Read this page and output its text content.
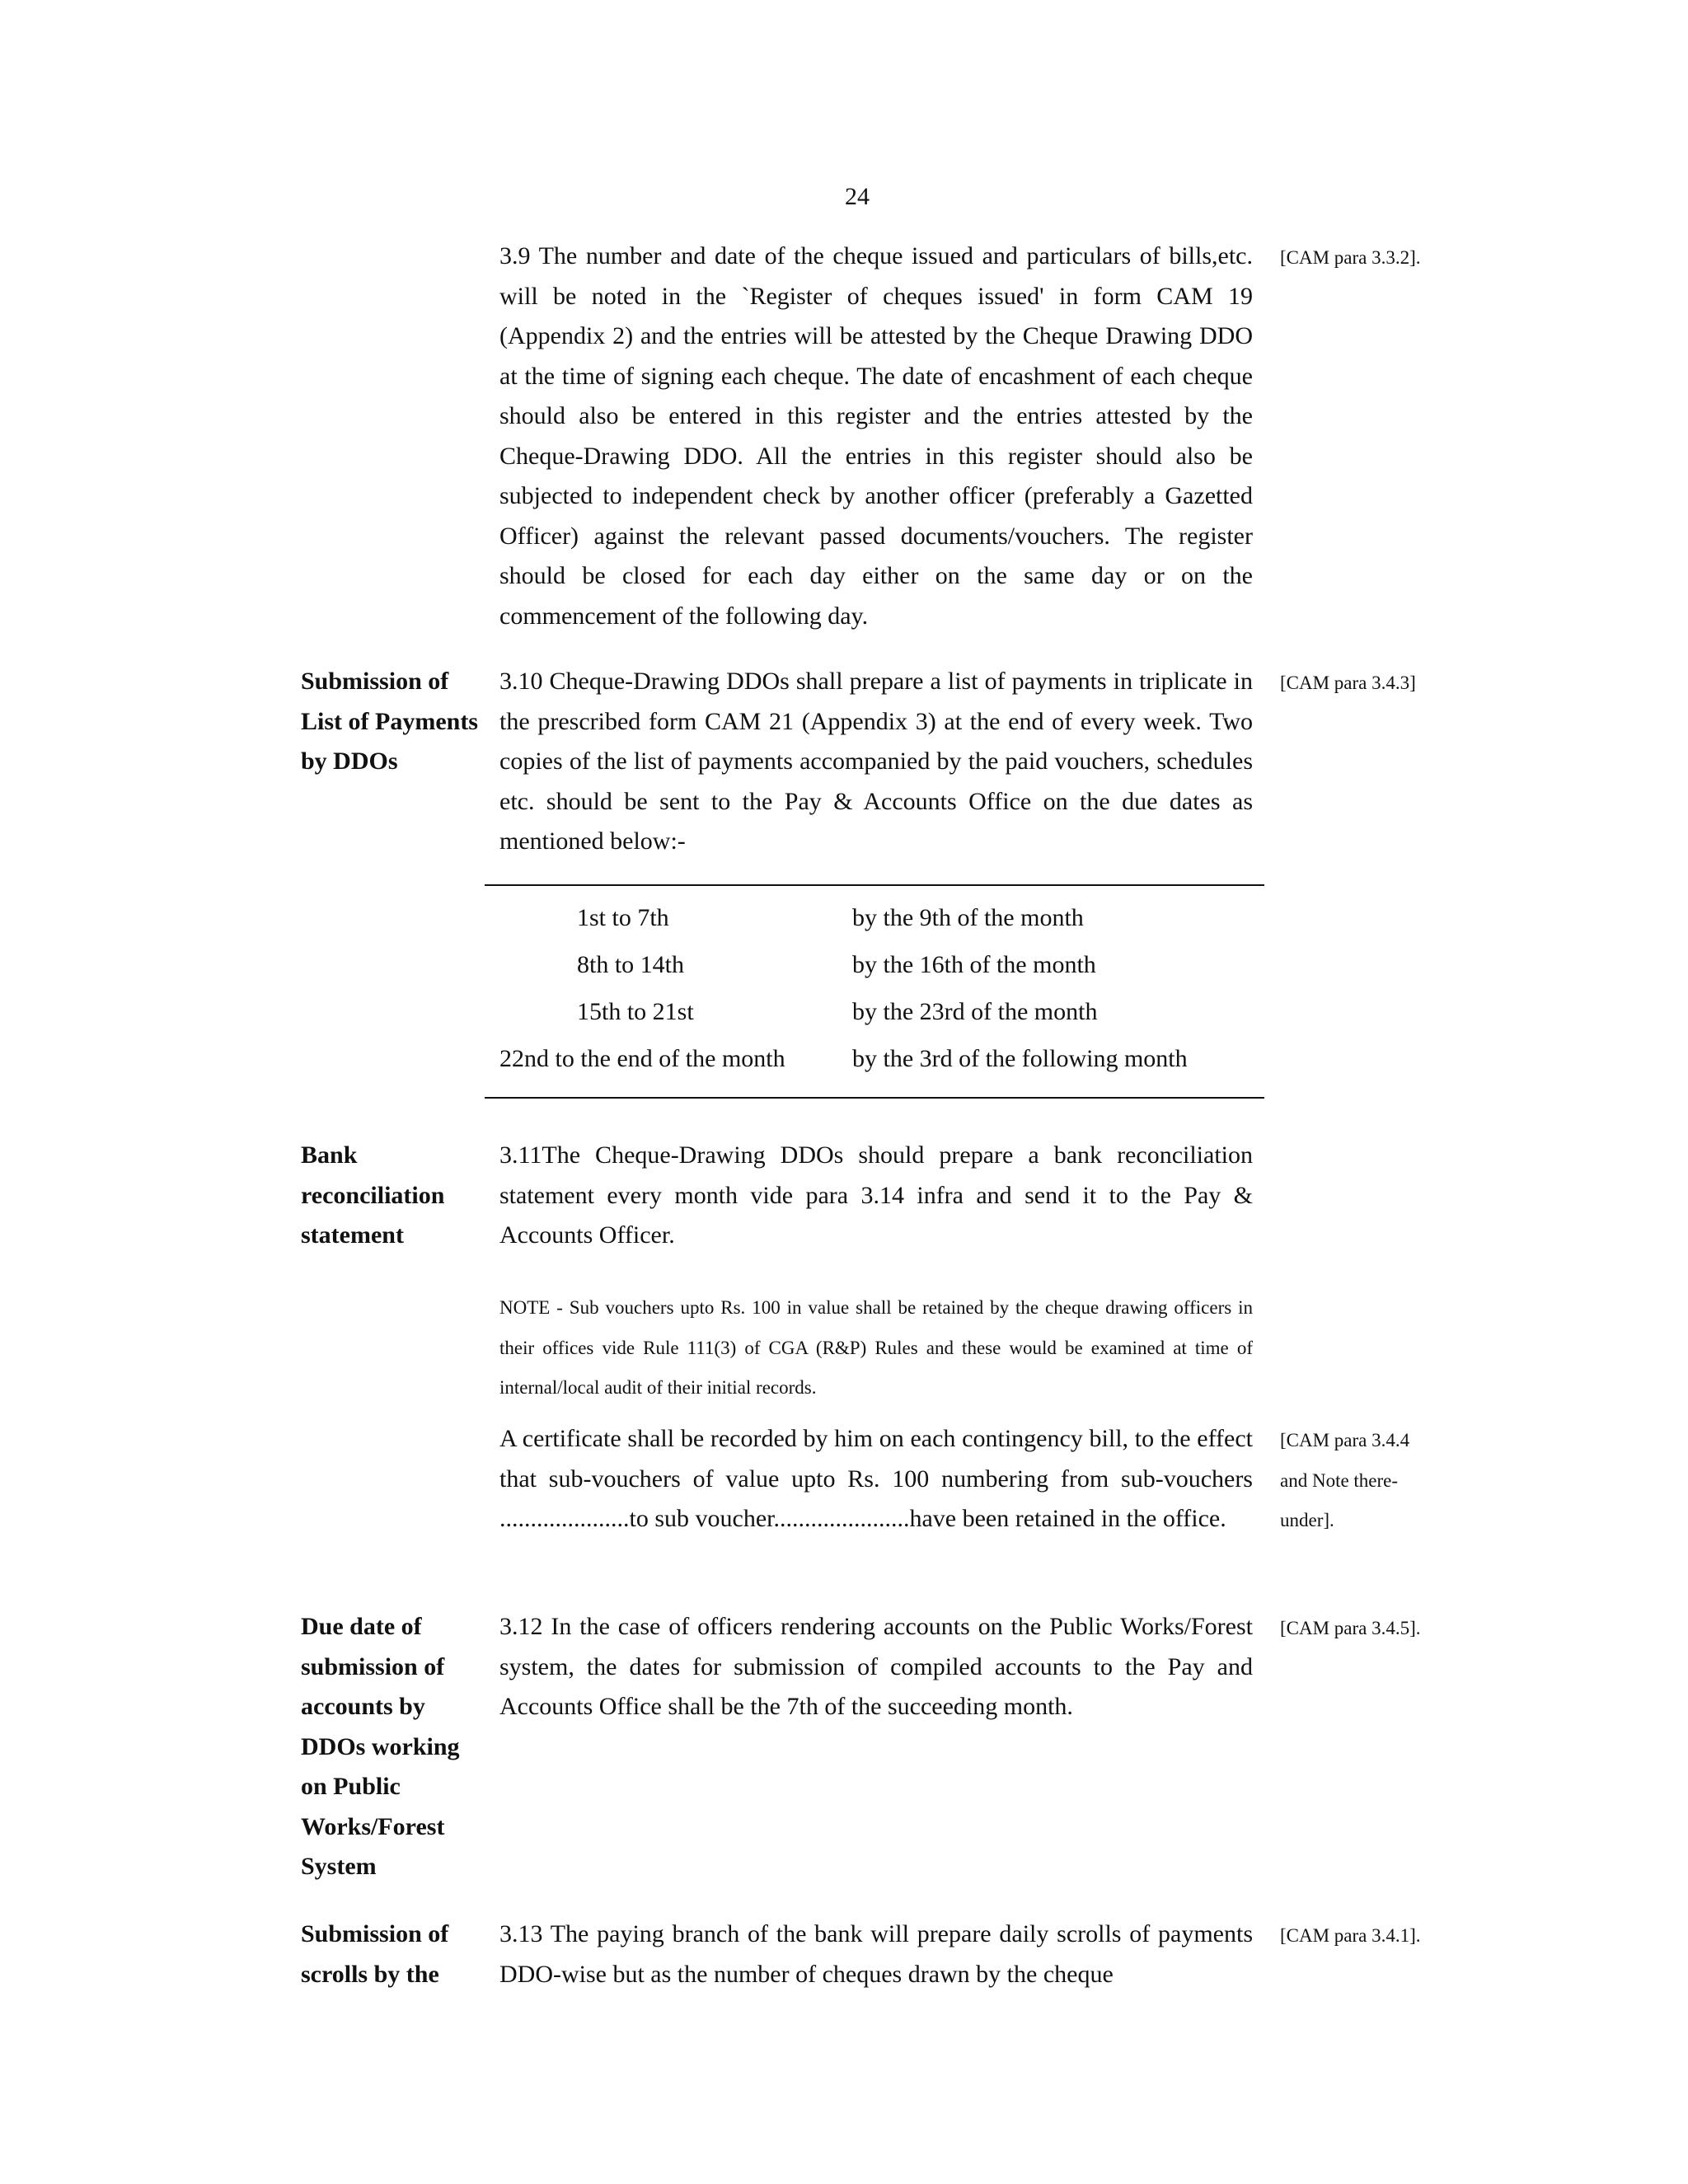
24
3.9 The number and date of the cheque issued and particulars of bills,etc. will be noted in the `Register of cheques issued' in form CAM 19 (Appendix 2) and the entries will be attested by the Cheque Drawing DDO at the time of signing each cheque. The date of encashment of each cheque should also be entered in this register and the entries attested by the Cheque-Drawing DDO. All the entries in this register should also be subjected to independent check by another officer (preferably a Gazetted Officer) against the relevant passed documents/vouchers. The register should be closed for each day either on the same day or on the commencement of the following day.
[CAM para 3.3.2].
Submission of List of Payments by DDOs
3.10 Cheque-Drawing DDOs shall prepare a list of payments in triplicate in the prescribed form CAM 21 (Appendix 3) at the end of every week. Two copies of the list of payments accompanied by the paid vouchers, schedules etc. should be sent to the Pay & Accounts Office on the due dates as mentioned below:-
[CAM para 3.4.3]
1st to 7th	by the 9th of the month
8th to 14th	by the 16th of the month
15th to 21st	by the 23rd of the month
22nd to the end of the month	by the 3rd of the following month
Bank reconciliation statement
3.11The Cheque-Drawing DDOs should prepare a bank reconciliation statement every month vide para 3.14 infra and send it to the Pay & Accounts Officer.
NOTE - Sub vouchers upto Rs. 100 in value shall be retained by the cheque drawing officers in their offices vide Rule 111(3) of CGA (R&P) Rules and these would be examined at time of internal/local audit of their initial records.
A certificate shall be recorded by him on each contingency bill, to the effect that sub-vouchers of value upto Rs. 100 numbering from sub-vouchers .....................to sub voucher......................have been retained in the office.
[CAM para 3.4.4 and Note there-under].
Due date of submission of accounts by DDOs working on Public Works/Forest System
3.12 In the case of officers rendering accounts on the Public Works/Forest system, the dates for submission of compiled accounts to the Pay and Accounts Office shall be the 7th of the succeeding month.
[CAM para 3.4.5].
Submission of scrolls by the
3.13 The paying branch of the bank will prepare daily scrolls of payments DDO-wise but as the number of cheques drawn by the cheque
[CAM para 3.4.1].
